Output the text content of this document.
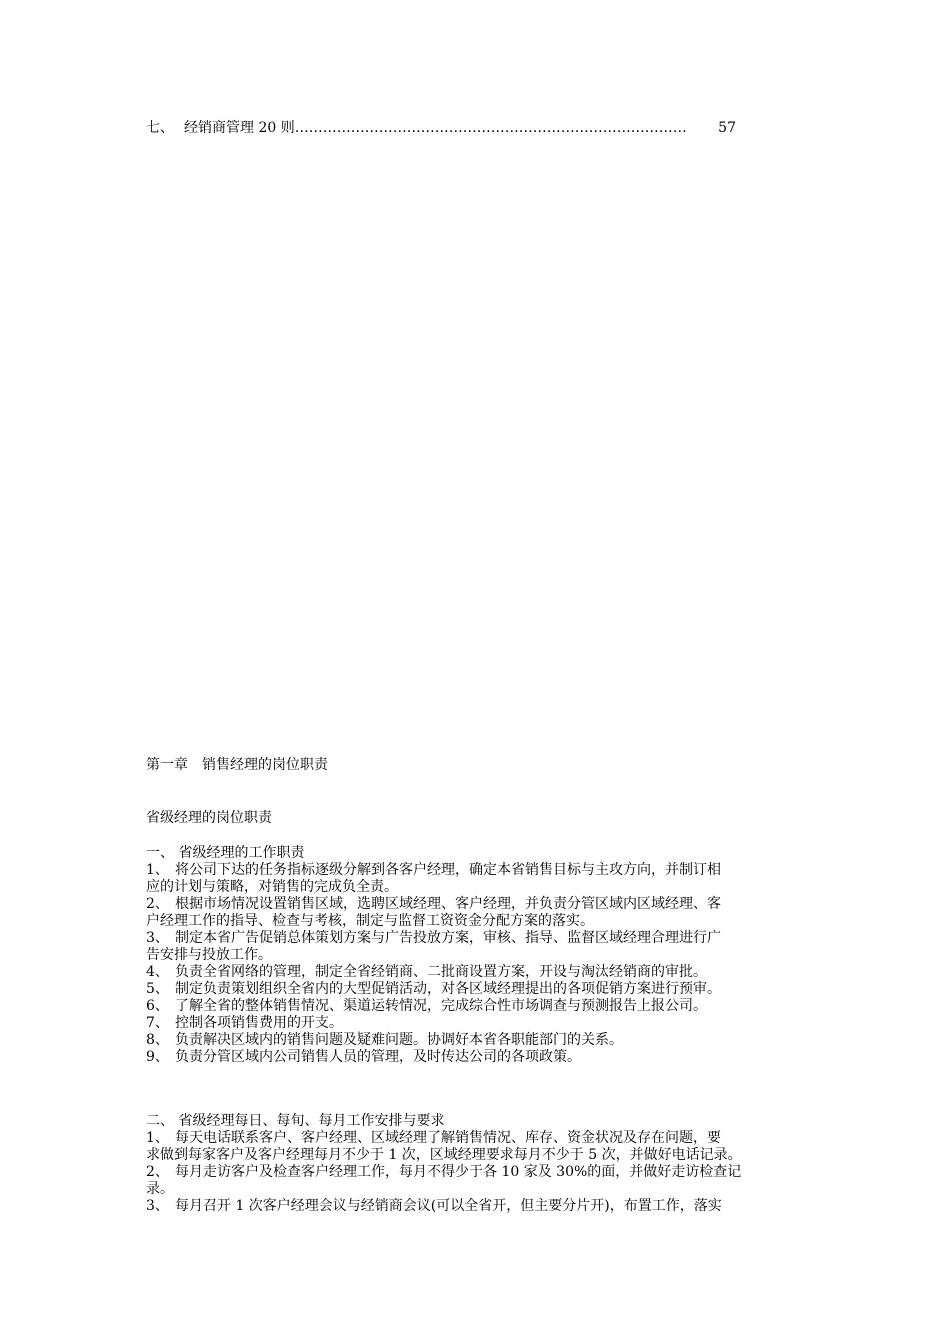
七、 经销商管理 20 则 …………………………………………………………………………	57
第一章 销售经理的岗位职责
省级经理的岗位职责
一、 省级经理的工作职责
1、 将公司下达的任务指标逐级分解到各客户经理，确定本省销售目标与主攻方向，并制订相
应的计划与策略，对销售的完成负全责。
2、 根据市场情况设置销售区域，选聘区域经理、客户经理，并负责分管区域内区域经理、客
户经理工作的指导、检查与考核，制定与监督工资资金分配方案的落实。
3、 制定本省广告促销总体策划方案与广告投放方案，审核、指导、监督区域经理合理进行广
告安排与投放工作。
4、 负责全省网络的管理，制定全省经销商、二批商设置方案，开设与淘汰经销商的审批。
5、 制定负责策划组织全省内的大型促销活动，对各区域经理提出的各项促销方案进行预审。
6、 了解全省的整体销售情况、渠道运转情况，完成综合性市场调查与预测报告上报公司。
7、 控制各项销售费用的开支。
8、 负责解决区域内的销售问题及疑难问题。协调好本省各职能部门的关系。
9、 负责分管区域内公司销售人员的管理，及时传达公司的各项政策。
二、 省级经理每日、每旬、每月工作安排与要求
1、 每天电话联系客户、客户经理、区域经理了解销售情况、库存、资金状况及存在问题，要
求做到每家客户及客户经理每月不少于 1 次，区域经理要求每月不少于 5 次，并做好电话记录。
2、 每月走访客户及检查客户经理工作，每月不得少于各 10 家及 30%的面，并做好走访检查记
录。
3、 每月召开 1 次客户经理会议与经销商会议(可以全省开，但主要分片开)，布置工作，落实
